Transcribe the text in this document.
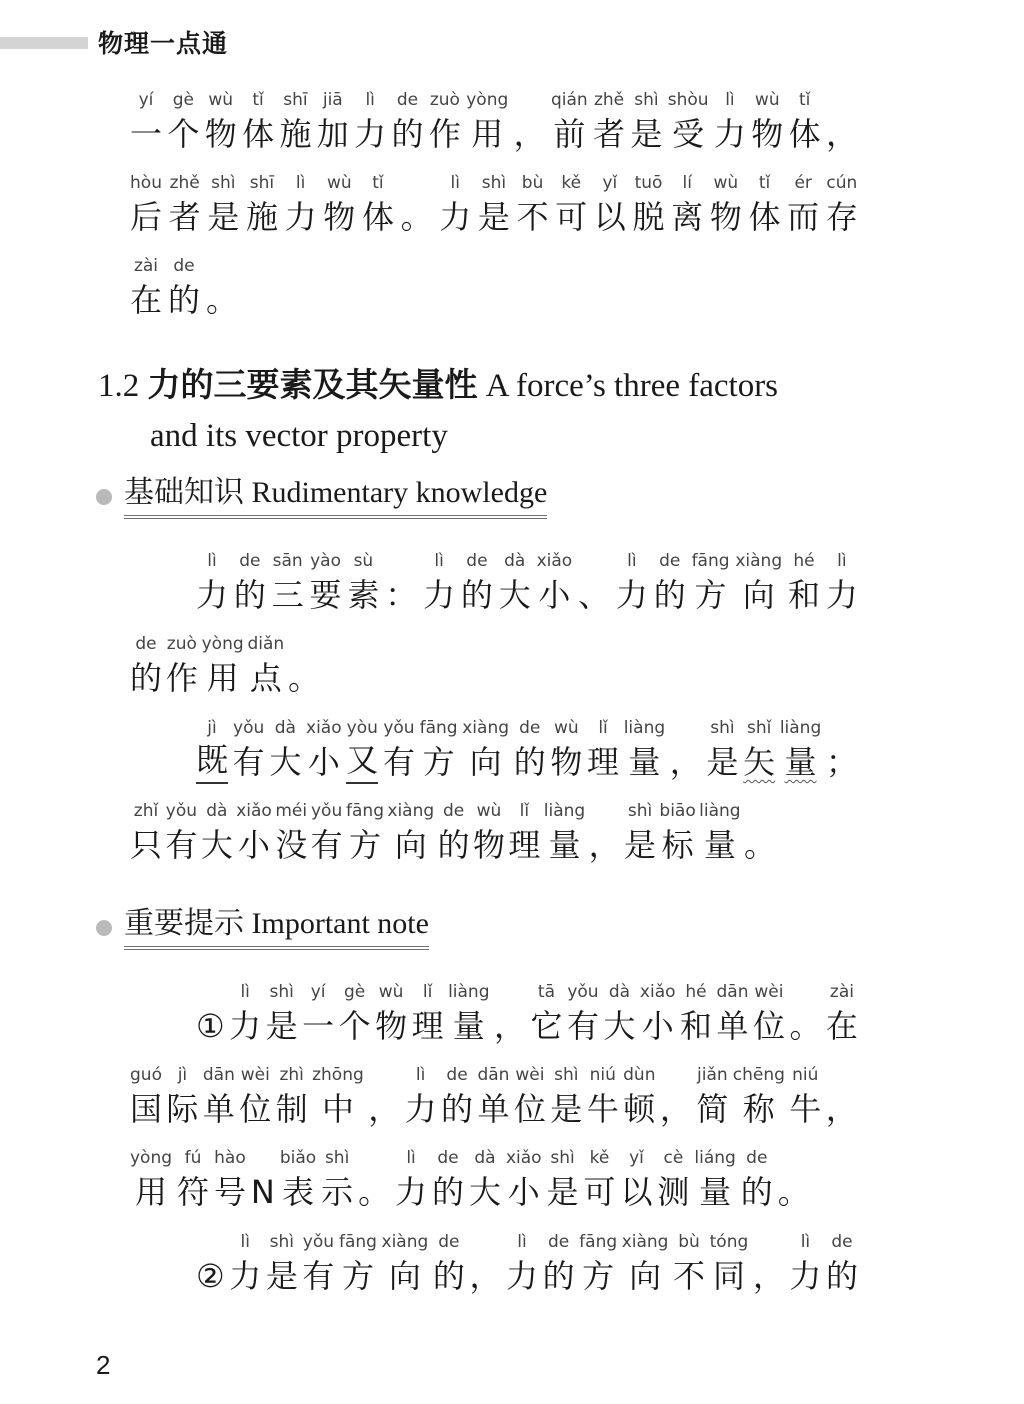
物理一点通
yí
一
gè
个
wù
物
tǐ
体
shī
施
jiā
加
lì
力
de
的
zuò
作
yòng
用 ，
qián
前
zhě
者
shì
是
shòu
受
lì
力
wù
物
tǐ
体 ，
hòu
后
zhě
者
shì
是
shī
施
lì
力
wù
物
tǐ
体 。
lì
力
shì
是
bù
不
kě
可
yǐ
以
tuō
脱
lí
离
wù
物
tǐ
体
ér
而
cún
存
zài
在
de
的 。
1.2 力的三要素及其矢量性 A force’s three factors
and its vector property
基础知识 Rudimentary knowledge
lì
力
de
的
sān
三
yào
要
sù
素 ：
lì
力
de
的
dà
大
xiǎo
小 、
lì
力
de
的
fāng
方
xiàng
向
hé
和
lì
力
de
的
zuò
作
yòng
用
diǎn
点 。
jì
既
yǒu
有
dà
大
xiǎo
小
yòu
又
yǒu
有
fāng
方
xiàng
向
de
的
wù
物
lǐ
理
liàng
量 ，
shì
是
shǐ
矢
liàng
量 ；
zhǐ
只
yǒu
有
dà
大
xiǎo
小
méi
没
yǒu
有
fāng
方
xiàng
向
de
的
wù
物
lǐ
理
liàng
量 ，
shì
是
biāo
标
liàng
量 。
重要提示 Important note
①
lì
力
shì
是
yí
一
gè
个
wù
物
lǐ
理
liàng
量 ，
tā
它
yǒu
有
dà
大
xiǎo
小
hé
和
dān
单
wèi
位 。
zài
在
guó
国
jì
际
dān
单
wèi
位
zhì
制
zhōng
中 ，
lì
力
de
的
dān
单
wèi
位
shì
是
niú
牛
dùn
顿 ，
jiǎn
简
chēng
称
niú
牛 ，
yòng
用
fú
符
hào
号 N
biǎo
表
shì
示 。
lì
力
de
的
dà
大
xiǎo
小
shì
是
kě
可
yǐ
以
cè
测
liáng
量
de
的 。
②
lì
力
shì
是
yǒu
有
fāng
方
xiàng
向
de
的 ，
lì
力
de
的
fāng
方
xiàng
向
bù
不
tóng
同 ，
lì
力
de
的
2
